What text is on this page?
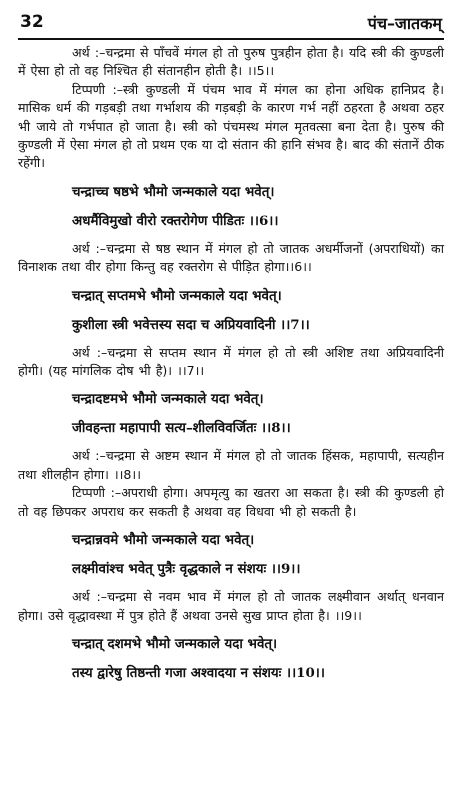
32	पंच–जातकम्

अर्थ :–चन्द्रमा से पाँचवें मंगल हो तो पुरुष पुत्रहीन होता है। यदि स्त्री की कुण्डली में ऐसा हो तो वह निश्चित ही संतानहीन होती है। ।।5।।

टिप्पणी :–स्त्री कुण्डली में पंचम भाव में मंगल का होना अधिक हानिप्रद है। मासिक धर्म की गड़बड़ी तथा गर्भाशय की गड़बड़ी के कारण गर्भ नहीं ठहरता है अथवा ठहर भी जाये तो गर्भपात हो जाता है। स्त्री को पंचमस्थ मंगल मृतवत्सा बना देता है। पुरुष की कुण्डली में ऐसा मंगल हो तो प्रथम एक या दो संतान की हानि संभव है। बाद की संतानें ठीक रहेंगी।

चन्द्राच्च षष्ठभे भौमो जन्मकाले यदा भवेत्।
अधर्मैविमुखो वीरो रक्तरोगेण पीडितः ।।6।।

अर्थ :–चन्द्रमा से षष्ठ स्थान में मंगल हो तो जातक अधर्मीजनों (अपराधियों) का विनाशक तथा वीर होगा किन्तु वह रक्तरोग से पीड़ित होगा।।6।।

चन्द्रात् सप्तमभे भौमो जन्मकाले यदा भवेत्।
कुशीला स्त्री भवेत्तस्य सदा च अप्रियवादिनी ।।7।।

अर्थ :–चन्द्रमा से सप्तम स्थान में मंगल हो तो स्त्री अशिष्ट तथा अप्रियवादिनी होगी। (यह मांगलिक दोष भी है)। ।।7।।

चन्द्रादष्टमभे भौमो जन्मकाले यदा भवेत्।
जीवहन्ता महापापी सत्य–शीलविवर्जितः ।।8।।

अर्थ :–चन्द्रमा से अष्टम स्थान में मंगल हो तो जातक हिंसक, महापापी, सत्यहीन तथा शीलहीन होगा। ।।8।।

टिप्पणी :–अपराधी होगा। अपमृत्यु का खतरा आ सकता है। स्त्री की कुण्डली हो तो वह छिपकर अपराध कर सकती है अथवा वह विधवा भी हो सकती है।

चन्द्रान्नवमे भौमो जन्मकाले यदा भवेत्।
लक्ष्मीवांश्च भवेत् पुत्रैः वृद्धकाले न संशयः ।।9।।

अर्थ :–चन्द्रमा से नवम भाव में मंगल हो तो जातक लक्ष्मीवान अर्थात् धनवान होगा। उसे वृद्धावस्था में पुत्र होते हैं अथवा उनसे सुख प्राप्त होता है। ।।9।।

चन्द्रात् दशमभे भौमो जन्मकाले यदा भवेत्।
तस्य द्वारेषु तिष्ठन्ती गजा अश्वादया न संशयः ।।10।।
